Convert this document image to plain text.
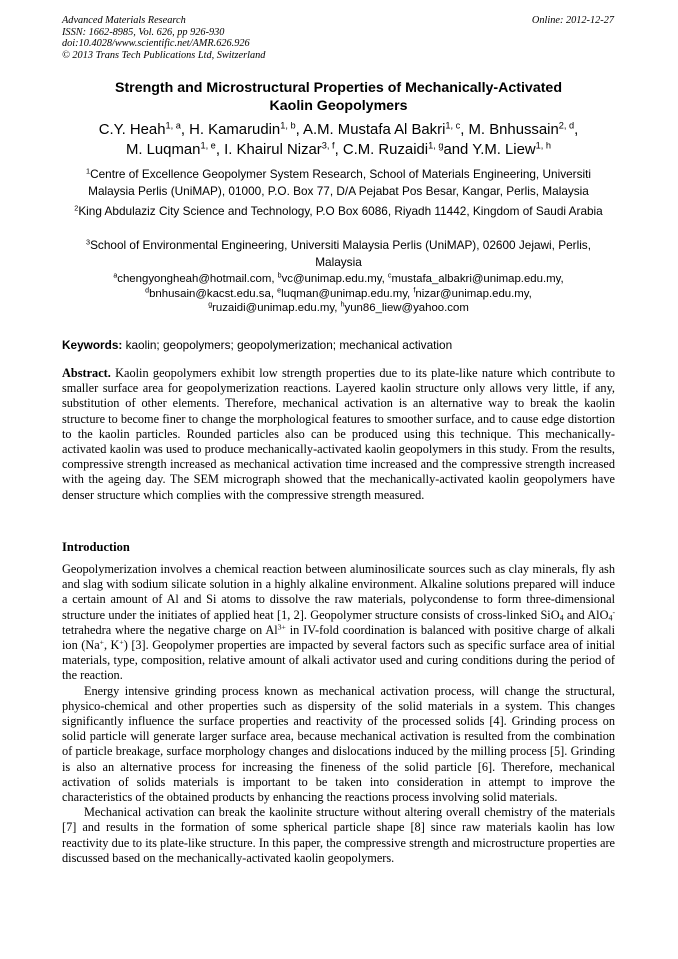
Advanced Materials Research
ISSN: 1662-8985, Vol. 626, pp 926-930
doi:10.4028/www.scientific.net/AMR.626.926
© 2013 Trans Tech Publications Ltd, Switzerland
Online: 2012-12-27
Strength and Microstructural Properties of Mechanically-Activated
Kaolin Geopolymers
C.Y. Heah$^{1, a}$, H. Kamarudin$^{1, b}$, A.M. Mustafa Al Bakri$^{1, c}$, M. Bnhussain$^{2, d}$,
M. Luqman$^{1, e}$, I. Khairul Nizar$^{3, f}$, C.M. Ruzaidi$^{1, g}$and Y.M. Liew$^{1, h}$
$^1$Centre of Excellence Geopolymer System Research, School of Materials Engineering, Universiti Malaysia Perlis (UniMAP), 01000, P.O. Box 77, D/A Pejabat Pos Besar, Kangar, Perlis, Malaysia
$^2$King Abdulaziz City Science and Technology, P.O Box 6086, Riyadh 11442, Kingdom of Saudi Arabia
$^3$School of Environmental Engineering, Universiti Malaysia Perlis (UniMAP), 02600 Jejawi, Perlis, Malaysia
$^a$chengyongheah@hotmail.com, $^b$vc@unimap.edu.my, $^c$mustafa_albakri@unimap.edu.my,
$^d$bnhusain@kacst.edu.sa, $^e$luqman@unimap.edu.my, $^f$nizar@unimap.edu.my,
$^g$ruzaidi@unimap.edu.my, $^h$yun86_liew@yahoo.com
Keywords: kaolin; geopolymers; geopolymerization; mechanical activation
Abstract. Kaolin geopolymers exhibit low strength properties due to its plate-like nature which contribute to smaller surface area for geopolymerization reactions. Layered kaolin structure only allows very little, if any, substitution of other elements. Therefore, mechanical activation is an alternative way to break the kaolin structure to become finer to change the morphological features to smoother surface, and to cause edge distortion to the kaolin particles. Rounded particles also can be produced using this technique. This mechanically-activated kaolin was used to produce mechanically-activated kaolin geopolymers in this study. From the results, compressive strength increased as mechanical activation time increased and the compressive strength increased with the ageing day. The SEM micrograph showed that the mechanically-activated kaolin geopolymers have denser structure which complies with the compressive strength measured.
Introduction

Geopolymerization involves a chemical reaction between aluminosilicate sources such as clay minerals, fly ash and slag with sodium silicate solution in a highly alkaline environment. Alkaline solutions prepared will induce a certain amount of Al and Si atoms to dissolve the raw materials, polycondense to form three-dimensional structure under the initiates of applied heat [1, 2]. Geopolymer structure consists of cross-linked SiO$_4$ and AlO$_4$- tetrahedra where the negative charge on $Al^{3+}$ in IV-fold coordination is balanced with positive charge of alkali ion (Na+, K+) [3]. Geopolymer properties are impacted by several factors such as specific surface area of initial materials, type, composition, relative amount of alkali activator used and curing conditions during the period of the reaction.

Energy intensive grinding process known as mechanical activation process, will change the structural, physico-chemical and other properties such as dispersity of the solid materials in a system. This changes significantly influence the surface properties and reactivity of the processed solids [4]. Grinding process on solid particle will generate larger surface area, because mechanical activation is resulted from the combination of particle breakage, surface morphology changes and dislocations induced by the milling process [5]. Grinding is also an alternative process for increasing the fineness of the solid particle [6]. Therefore, mechanical activation of solids materials is important to be taken into consideration in attempt to improve the characteristics of the obtained products by enhancing the reactions process involving solid materials.

Mechanical activation can break the kaolinite structure without altering overall chemistry of the materials [7] and results in the formation of some spherical particle shape [8] since raw materials kaolin has low reactivity due to its plate-like structure. In this paper, the compressive strength and microstructure properties are discussed based on the mechanically-activated kaolin geopolymers.
